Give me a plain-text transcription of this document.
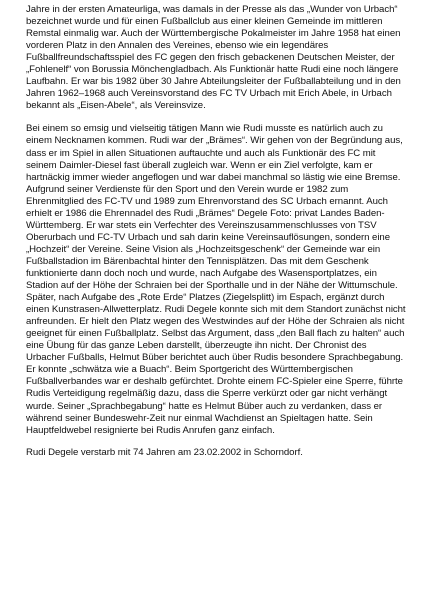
Jahre in der ersten Amateurliga, was damals in der Presse als das „Wunder von Urbach“ bezeichnet wurde und für einen Fußballclub aus einer kleinen Gemeinde im mittleren Remstal einmalig war. Auch der Württembergische Pokalmeister im Jahre 1958 hat einen vorderen Platz in den Annalen des Vereines, ebenso wie ein legendäres Fußballfreundschaftsspiel des FC gegen den frisch gebackenen Deutschen Meister, der „Fohlenelf“ von Borussia Mönchengladbach. Als Funktionär hatte Rudi eine noch längere Laufbahn. Er war bis 1982 über 30 Jahre Abteilungsleiter der Fußballabteilung und in den Jahren 1962–1968 auch Vereinsvorstand des FC TV Urbach mit Erich Abele, in Urbach bekannt als „Eisen-Abele“, als Vereinsvize.

Bei einem so emsig und vielseitig tätigen Mann wie Rudi musste es natürlich auch zu einem Necknamen kommen. Rudi war der „Brämes“. Wir gehen von der Begründung aus, dass er im Spiel in allen Situationen auftauchte und auch als Funktionär des FC mit seinem Daimler-Diesel fast überall zugleich war. Wenn er ein Ziel verfolgte, kam er hartnäckig immer wieder angeflogen und war dabei manchmal so lästig wie eine Bremse. Aufgrund seiner Verdienste für den Sport und den Verein wurde er 1982 zum Ehrenmitglied des FC-TV und 1989 zum Ehrenvorstand des SC Urbach ernannt. Auch erhielt er 1986 die Ehrennadel des Rudi „Brämes“ Degele Foto: privat Landes Baden-Württemberg. Er war stets ein Verfechter des Vereinszusammenschlusses von TSV Oberurbach und FC-TV Urbach und sah darin keine Vereinsauflösungen, sondern eine „Hochzeit“ der Vereine. Seine Vision als „Hochzeitsgeschenk“ der Gemeinde war ein Fußballstadion im Bärenbachtal hinter den Tennisplätzen. Das mit dem Geschenk funktionierte dann doch noch und wurde, nach Aufgabe des Wasensportplatzes, ein Stadion auf der Höhe der Schraien bei der Sporthalle und in der Nähe der Wittumschule. Später, nach Aufgabe des „Rote Erde“ Platzes (Ziegelsplitt) im Espach, ergänzt durch einen Kunstrasen-Allwetterplatz. Rudi Degele konnte sich mit dem Standort zunächst nicht anfreunden. Er hielt den Platz wegen des Westwindes auf der Höhe der Schraien als nicht geeignet für einen Fußballplatz. Selbst das Argument, dass „den Ball flach zu halten“ auch eine Übung für das ganze Leben darstellt, überzeugte ihn nicht. Der Chronist des Urbacher Fußballs, Helmut Büber berichtet auch über Rudis besondere Sprachbegabung. Er konnte „schwätza wie a Buach“. Beim Sportgericht des Württembergischen Fußballverbandes war er deshalb gefürchtet. Drohte einem FC-Spieler eine Sperre, führte Rudis Verteidigung regelmäßig dazu, dass die Sperre verkürzt oder gar nicht verhängt wurde. Seiner „Sprachbegabung“ hatte es Helmut Büber auch zu verdanken, dass er während seiner Bundeswehr-Zeit nur einmal Wachdienst an Spieltagen hatte. Sein Hauptfeldwebel resignierte bei Rudis Anrufen ganz einfach.

Rudi Degele verstarb mit 74 Jahren am 23.02.2002 in Schorndorf.
